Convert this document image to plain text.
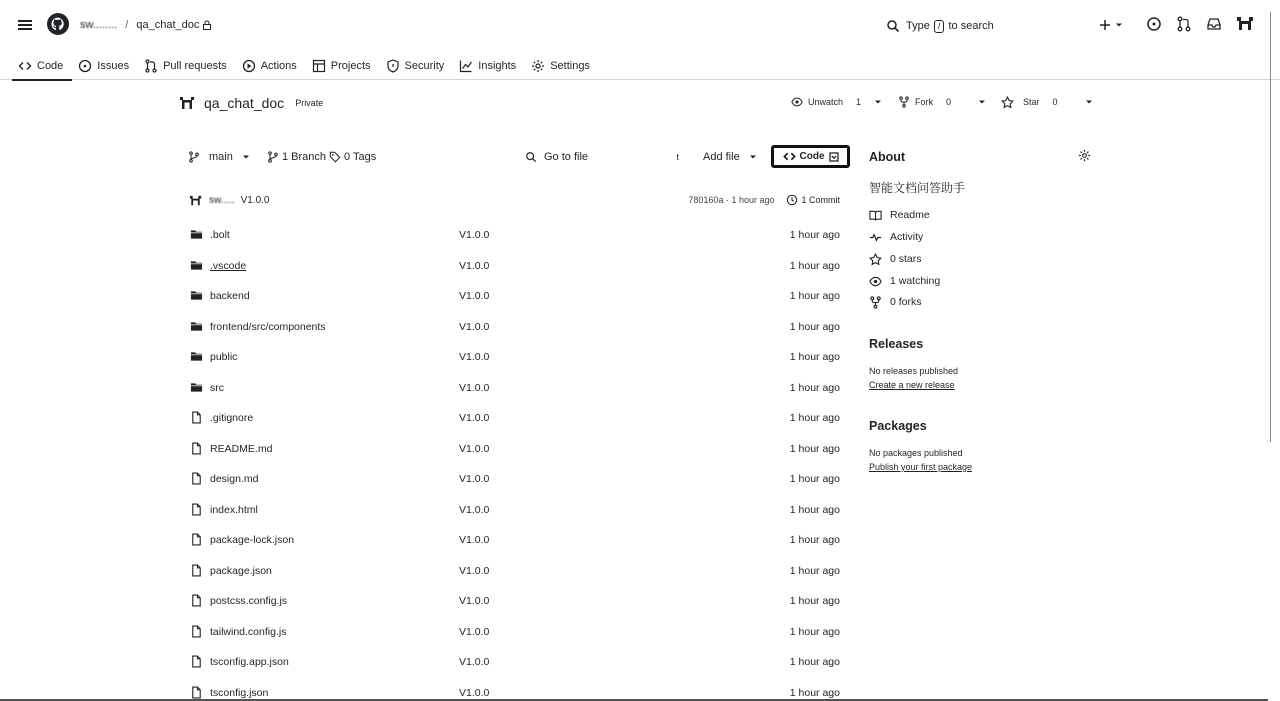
sw........ / qa_chat_doc	Type / to search
Code	Issues	Pull requests	Actions	Projects	Security	Insights	Settings
qa_chat_doc	Private	Unwatch 1	Fork 0	Star 0
main	1 Branch 0 Tags	Go to file	t Add file	Code
sw..... V1.0.0	780160a · 1 hour ago	1 Commit
.bolt	V1.0.0	1 hour ago
.vscode	V1.0.0	1 hour ago
backend	V1.0.0	1 hour ago
frontend/src/components	V1.0.0	1 hour ago
public	V1.0.0	1 hour ago
src	V1.0.0	1 hour ago
.gitignore	V1.0.0	1 hour ago
README.md	V1.0.0	1 hour ago
design.md	V1.0.0	1 hour ago
index.html	V1.0.0	1 hour ago
package-lock.json	V1.0.0	1 hour ago
package.json	V1.0.0	1 hour ago
postcss.config.js	V1.0.0	1 hour ago
tailwind.config.js	V1.0.0	1 hour ago
tsconfig.app.json	V1.0.0	1 hour ago
tsconfig.json	V1.0.0	1 hour ago
About
智能文档问答助手
Readme
Activity
0 stars
1 watching
0 forks
Releases
No releases published
Create a new release
Packages
No packages published
Publish your first package
